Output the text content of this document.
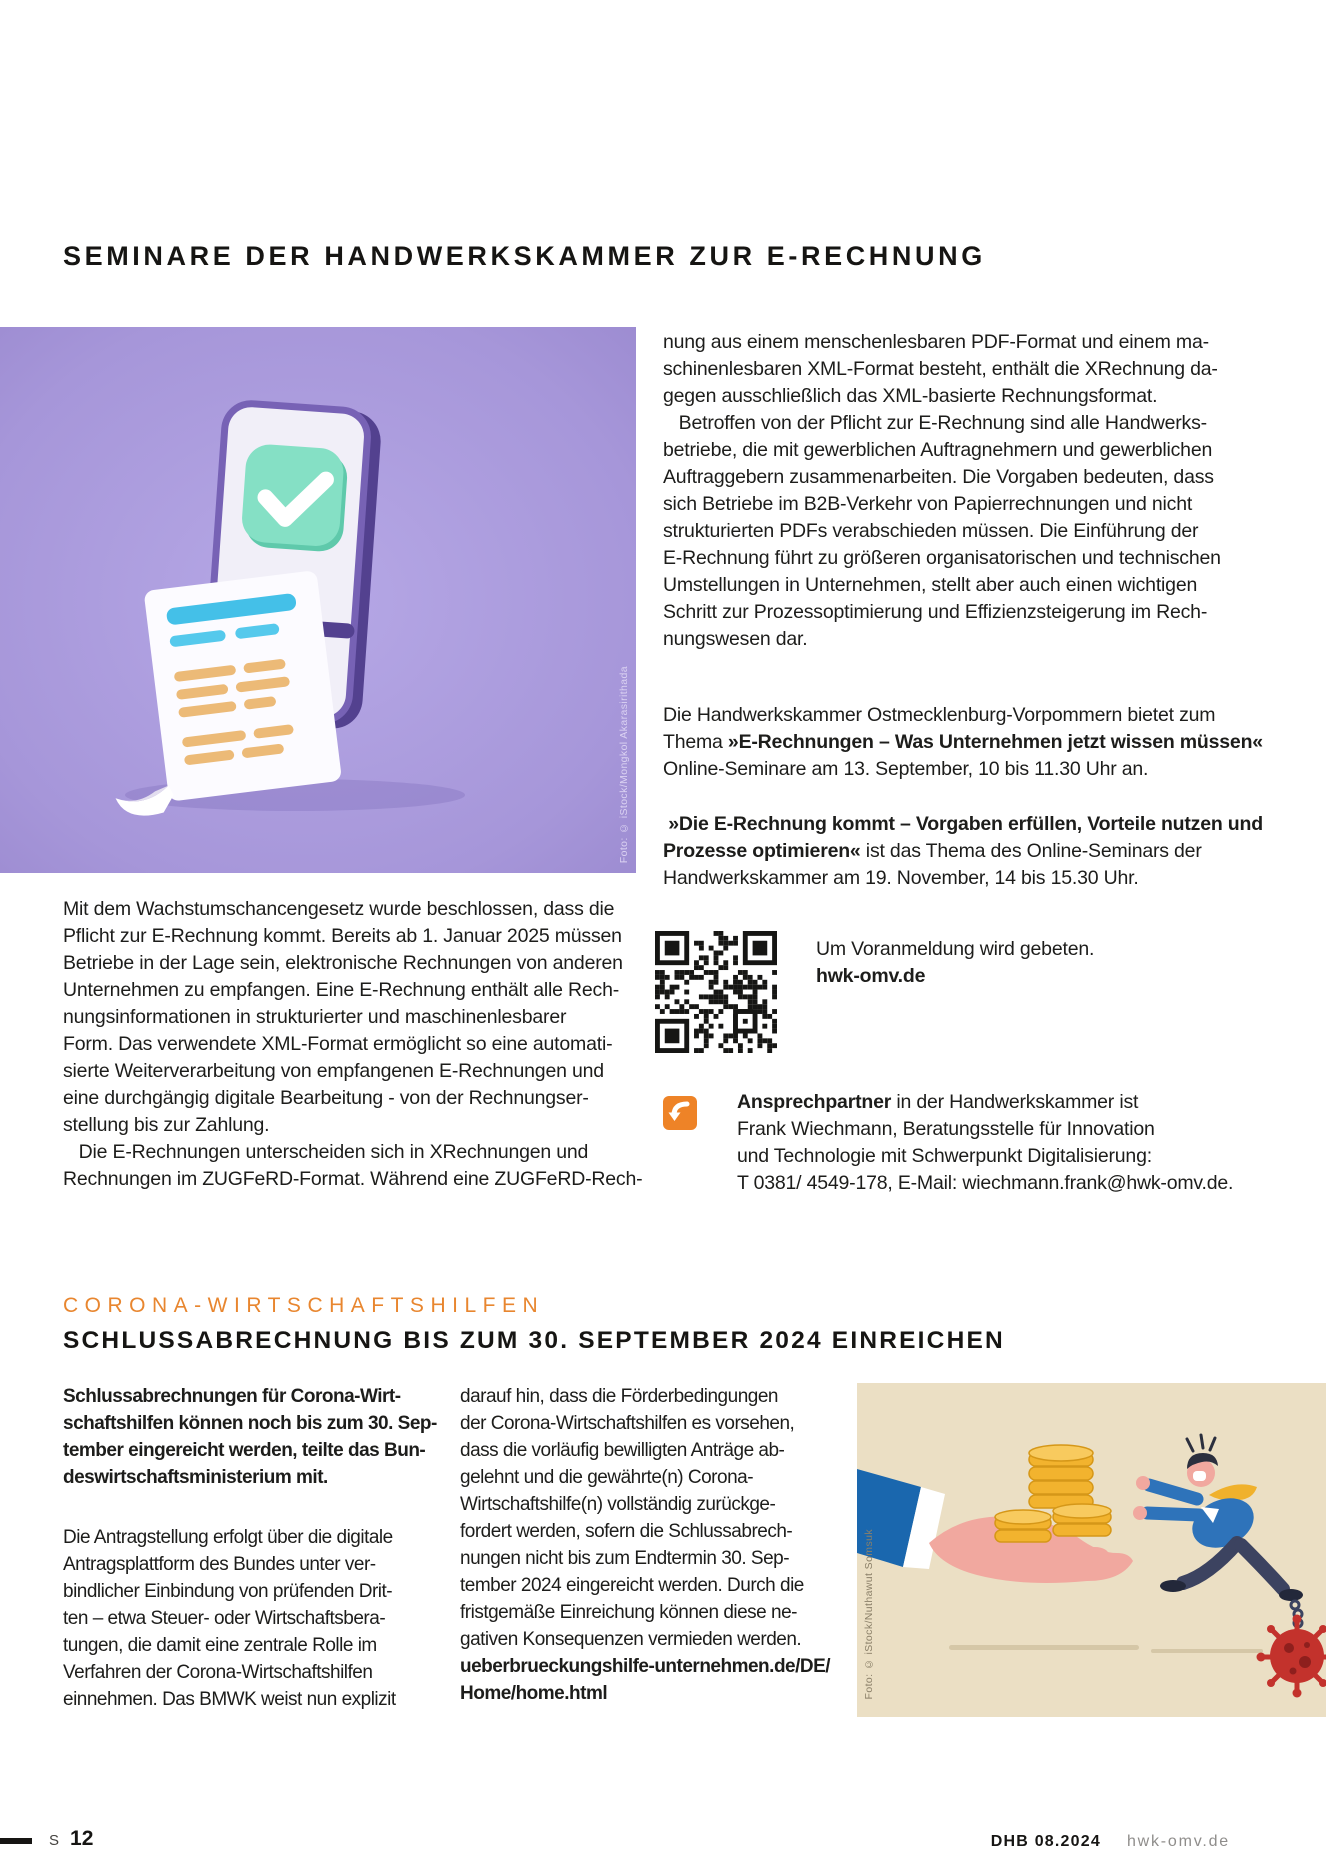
SEMINARE DER HANDWERKSKAMMER ZUR E-RECHNUNG
Foto: © iStock/Mongkol Akarasirithada
nung aus einem menschenlesbaren PDF-Format und einem ma-
schinenlesbaren XML-Format besteht, enthält die XRechnung da-
gegen ausschließlich das XML-basierte Rechnungsformat.
Betroffen von der Pflicht zur E-Rechnung sind alle Handwerks-
betriebe, die mit gewerblichen Auftragnehmern und gewerblichen
Auftraggebern zusammenarbeiten. Die Vorgaben bedeuten, dass
sich Betriebe im B2B-Verkehr von Papierrechnungen und nicht
strukturierten PDFs verabschieden müssen. Die Einführung der
E-Rechnung führt zu größeren organisatorischen und technischen
Umstellungen in Unternehmen, stellt aber auch einen wichtigen
Schritt zur Prozessoptimierung und Effizienzsteigerung im Rech-
nungswesen dar.
Die Handwerkskammer Ostmecklenburg-Vorpommern bietet zum Thema »E-Rechnungen – Was Unternehmen jetzt wissen müssen« Online-Seminare am 13. September, 10 bis 11.30 Uhr an.
»Die E-Rechnung kommt – Vorgaben erfüllen, Vorteile nutzen und Prozesse optimieren« ist das Thema des Online-Seminars der Handwerkskammer am 19. November, 14 bis 15.30 Uhr.
Mit dem Wachstumschancengesetz wurde beschlossen, dass die
Pflicht zur E-Rechnung kommt. Bereits ab 1. Januar 2025 müssen
Betriebe in der Lage sein, elektronische Rechnungen von anderen
Unternehmen zu empfangen. Eine E-Rechnung enthält alle Rech-
nungsinformationen in strukturierter und maschinenlesbarer
Form. Das verwendete XML-Format ermöglicht so eine automati-
sierte Weiterverarbeitung von empfangenen E-Rechnungen und
eine durchgängig digitale Bearbeitung - von der Rechnungser-
stellung bis zur Zahlung.
Die E-Rechnungen unterscheiden sich in XRechnungen und
Rechnungen im ZUGFeRD-Format. Während eine ZUGFeRD-Rech-
Um Voranmeldung wird gebeten.
hwk-omv.de
Ansprechpartner in der Handwerkskammer ist
Frank Wiechmann, Beratungsstelle für Innovation
und Technologie mit Schwerpunkt Digitalisierung:
T 0381/ 4549-178, E-Mail: wiechmann.frank@hwk-omv.de.
CORONA-WIRTSCHAFTSHILFEN
SCHLUSSABRECHNUNG BIS ZUM 30. SEPTEMBER 2024 EINREICHEN
Schlussabrechnungen für Corona-Wirt-
schaftshilfen können noch bis zum 30. Sep-
tember eingereicht werden, teilte das Bun-
deswirtschaftsministerium mit.
Die Antragstellung erfolgt über die digitale
Antragsplattform des Bundes unter ver-
bindlicher Einbindung von prüfenden Drit-
ten – etwa Steuer- oder Wirtschaftsbera-
tungen, die damit eine zentrale Rolle im
Verfahren der Corona-Wirtschaftshilfen
einnehmen. Das BMWK weist nun explizit
darauf hin, dass die Förderbedingungen
der Corona-Wirtschaftshilfen es vorsehen,
dass die vorläufig bewilligten Anträge ab-
gelehnt und die gewährte(n) Corona-
Wirtschaftshilfe(n) vollständig zurückge-
fordert werden, sofern die Schlussabrech-
nungen nicht bis zum Endtermin 30. Sep-
tember 2024 eingereicht werden. Durch die
fristgemäße Einreichung können diese ne-
gativen Konsequenzen vermieden werden.
ueberbrueckungshilfe-unternehmen.de/DE/
Home/home.html	Foto: © iStock/Nuthawut Somsuk
S 12	DHB 08.2024 hwk-omv.de
